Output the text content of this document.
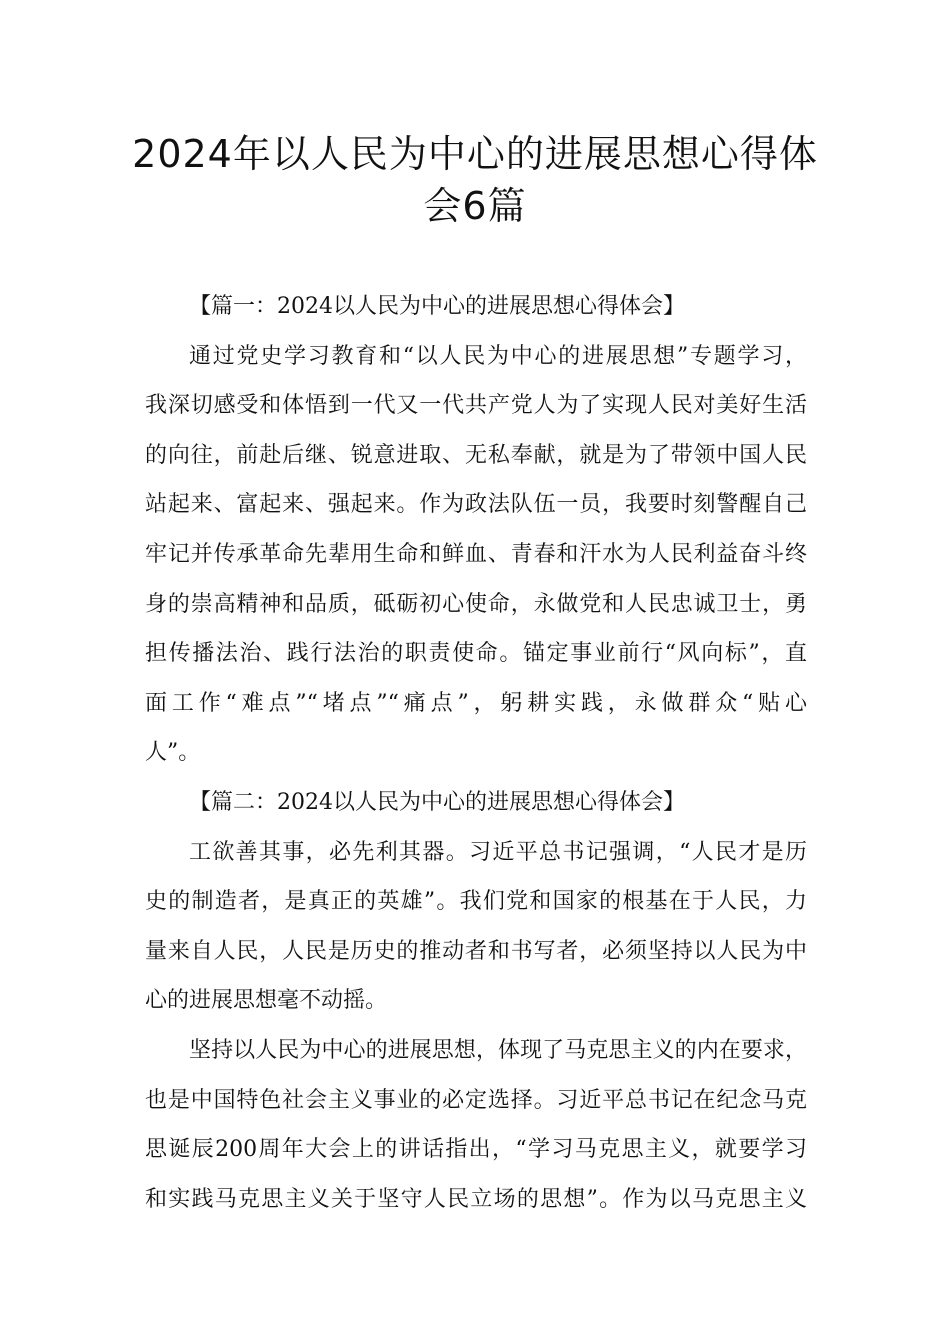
2024年以人民为中心的进展思想心得体
会6篇
【篇一：2024以人民为中心的进展思想心得体会】
通过党史学习教育和“以人民为中心的进展思想”专题学习，
我深切感受和体悟到一代又一代共产党人为了实现人民对美好生活
的向往，前赴后继、锐意进取、无私奉献，就是为了带领中国人民
站起来、富起来、强起来。作为政法队伍一员，我要时刻警醒自己
牢记并传承革命先辈用生命和鲜血、青春和汗水为人民利益奋斗终
身的崇高精神和品质，砥砺初心使命，永做党和人民忠诚卫士，勇
担传播法治、践行法治的职责使命。锚定事业前行“风向标”，直
面工作“难点”“堵点”“痛点”，躬耕实践，永做群众“贴心
人”。
【篇二：2024以人民为中心的进展思想心得体会】
工欲善其事，必先利其器。习近平总书记强调，“人民才是历
史的制造者，是真正的英雄”。我们党和国家的根基在于人民，力
量来自人民，人民是历史的推动者和书写者，必须坚持以人民为中
心的进展思想毫不动摇。
坚持以人民为中心的进展思想，体现了马克思主义的内在要求，
也是中国特色社会主义事业的必定选择。习近平总书记在纪念马克
思诞辰200周年大会上的讲话指出，“学习马克思主义，就要学习
和实践马克思主义关于坚守人民立场的思想”。作为以马克思主义
